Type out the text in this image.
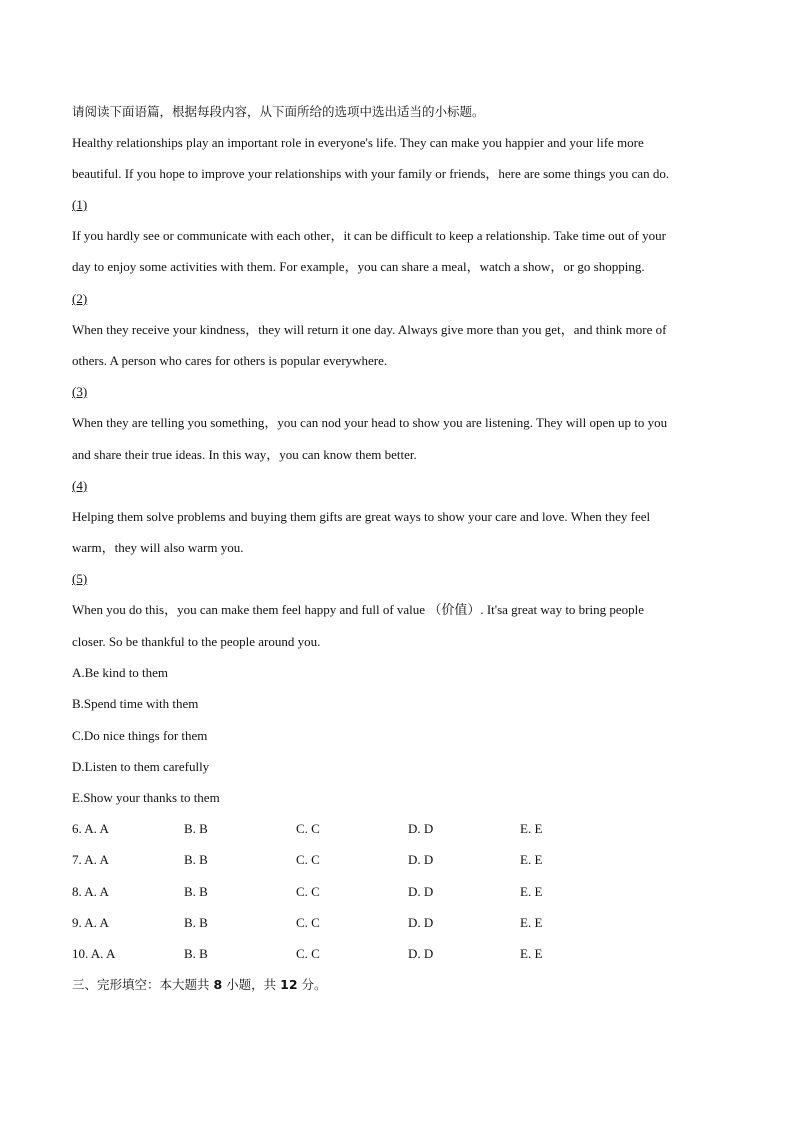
请阅读下面语篇，根据每段内容，从下面所给的选项中选出适当的小标题。
Healthy relationships play an important role in everyone's life. They can make you happier and your life more
beautiful. If you hope to improve your relationships with your family or friends，here are some things you can do.
(1)
If you hardly see or communicate with each other，it can be difficult to keep a relationship. Take time out of your
day to enjoy some activities with them. For example，you can share a meal，watch a show，or go shopping.
(2)
When they receive your kindness，they will return it one day. Always give more than you get，and think more of
others. A person who cares for others is popular everywhere.
(3)
When they are telling you something，you can nod your head to show you are listening. They will open up to you
and share their true ideas. In this way，you can know them better.
(4)
Helping them solve problems and buying them gifts are great ways to show your care and love. When they feel
warm，they will also warm you.
(5)
When you do this，you can make them feel happy and full of value （价值）. It'sa great way to bring people
closer. So be thankful to the people around you.
A.Be kind to them
B.Spend time with them
C.Do nice things for them
D.Listen to them carefully
E.Show your thanks to them
6. A. A	B. B	C. C	D. D	E. E
7. A. A	B. B	C. C	D. D	E. E
8. A. A	B. B	C. C	D. D	E. E
9. A. A	B. B	C. C	D. D	E. E
10. A. A	B. B	C. C	D. D	E. E
三、完形填空：本大题共 8 小题，共 12 分。
